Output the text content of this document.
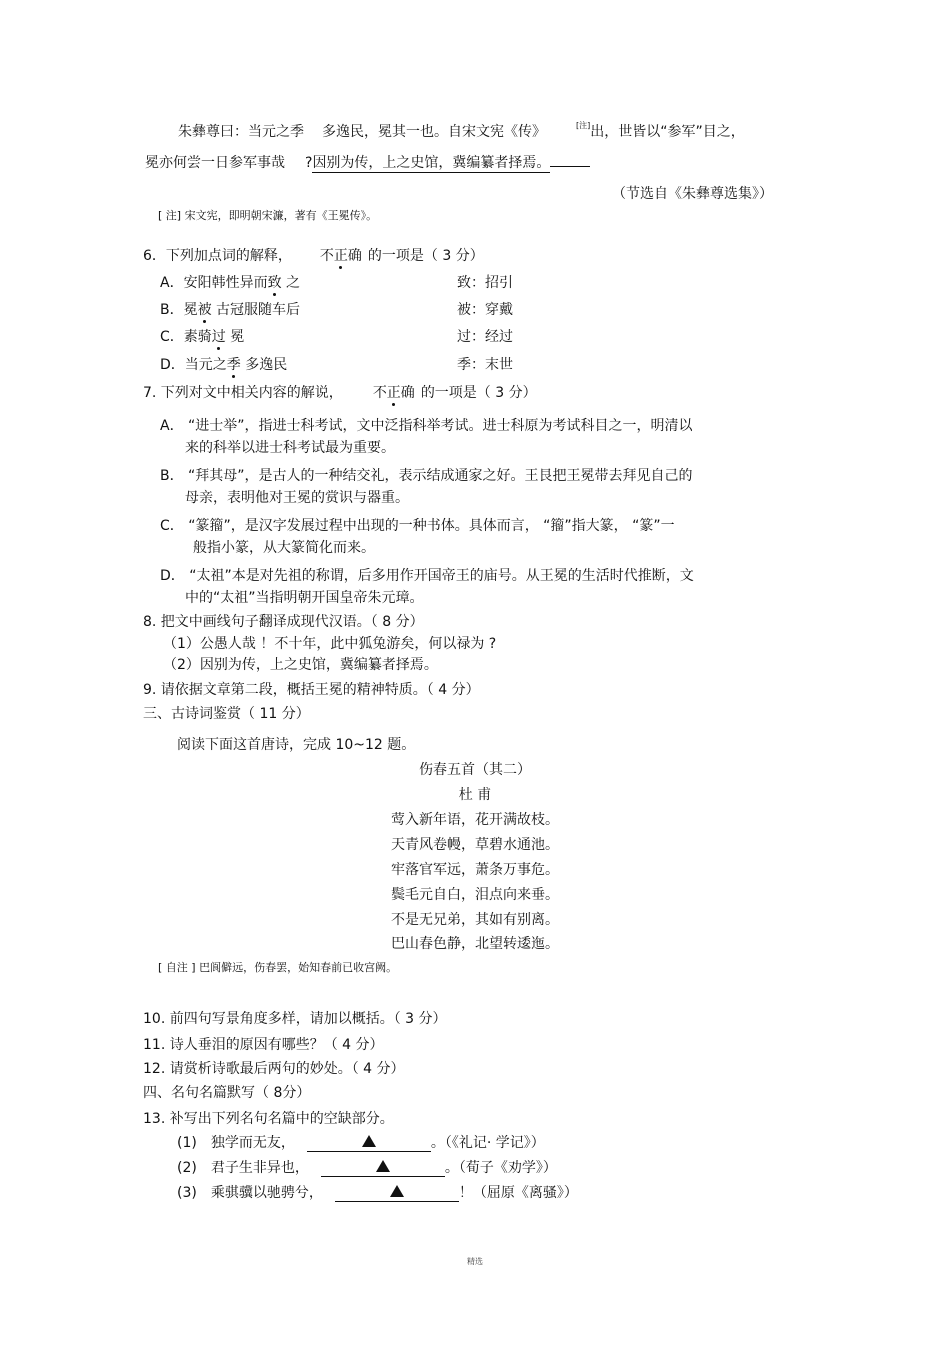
朱彝尊曰：当元之季 多逸民，冕其一也。自宋文宪《传》	[注]出，世皆以“参军”目之，
冕亦何尝一日参军事哉 ?因别为传，上之史馆，冀编纂者择焉。
（节选自《朱彝尊选集》）
[ 注] 宋文宪，即明朝宋濂，著有《王冕传》。
6．下列加点词的解释， 不正确 的一项是（ 3 分）
A．安阳韩性异而致 之	致：招引
B．冕被 古冠服随车后	被：穿戴
C．素骑过 冕	过：经过
D．当元之季 多逸民	季：末世
7. 下列对文中相关内容的解说， 不正确 的一项是（ 3 分）
A． “进士举”，指进士科考试，文中泛指科举考试。进士科原为考试科目之一，明清以
来的科举以进士科考试最为重要。
B． “拜其母”，是古人的一种结交礼，表示结成通家之好。王艮把王冕带去拜见自己的
母亲，表明他对王冕的赏识与器重。
C． “篆籀”，是汉字发展过程中出现的一种书体。具体而言， “籀”指大篆， “篆”一
般指小篆，从大篆简化而来。
D． “太祖”本是对先祖的称谓，后多用作开国帝王的庙号。从王冕的生活时代推断，文
中的“太祖”当指明朝开国皇帝朱元璋。
8. 把文中画线句子翻译成现代汉语。（ 8 分）
（1）公愚人哉 ！不十年，此中狐兔游矣，何以禄为 ?
（2）因别为传，上之史馆，冀编纂者择焉。
9. 请依据文章第二段，概括王冕的精神特质。（ 4 分）
三、古诗词鉴赏（ 11 分）
阅读下面这首唐诗，完成 10~12 题。
伤春五首（其二）
杜 甫
莺入新年语，花开满故枝。
天青风卷幔，草碧水通池。
牢落官军远，萧条万事危。
鬓毛元自白，泪点向来垂。
不是无兄弟，其如有别离。
巴山春色静，北望转逶迤。
[ 自注 ] 巴阆僻远，伤春罢，始知春前已收宫阙。
10. 前四句写景角度多样，请加以概括。（ 3 分）
11. 诗人垂泪的原因有哪些？（ 4 分）
12. 请赏析诗歌最后两句的妙处。（ 4 分）
四、名句名篇默写（ 8分）
13. 补写出下列名句名篇中的空缺部分。
(1) 独学而无友，	。（《礼记· 学记》）
(2) 君子生非异也，	。（荀子《劝学》）
(3) 乘骐骥以驰骋兮，	！（屈原《离骚》）
精选
